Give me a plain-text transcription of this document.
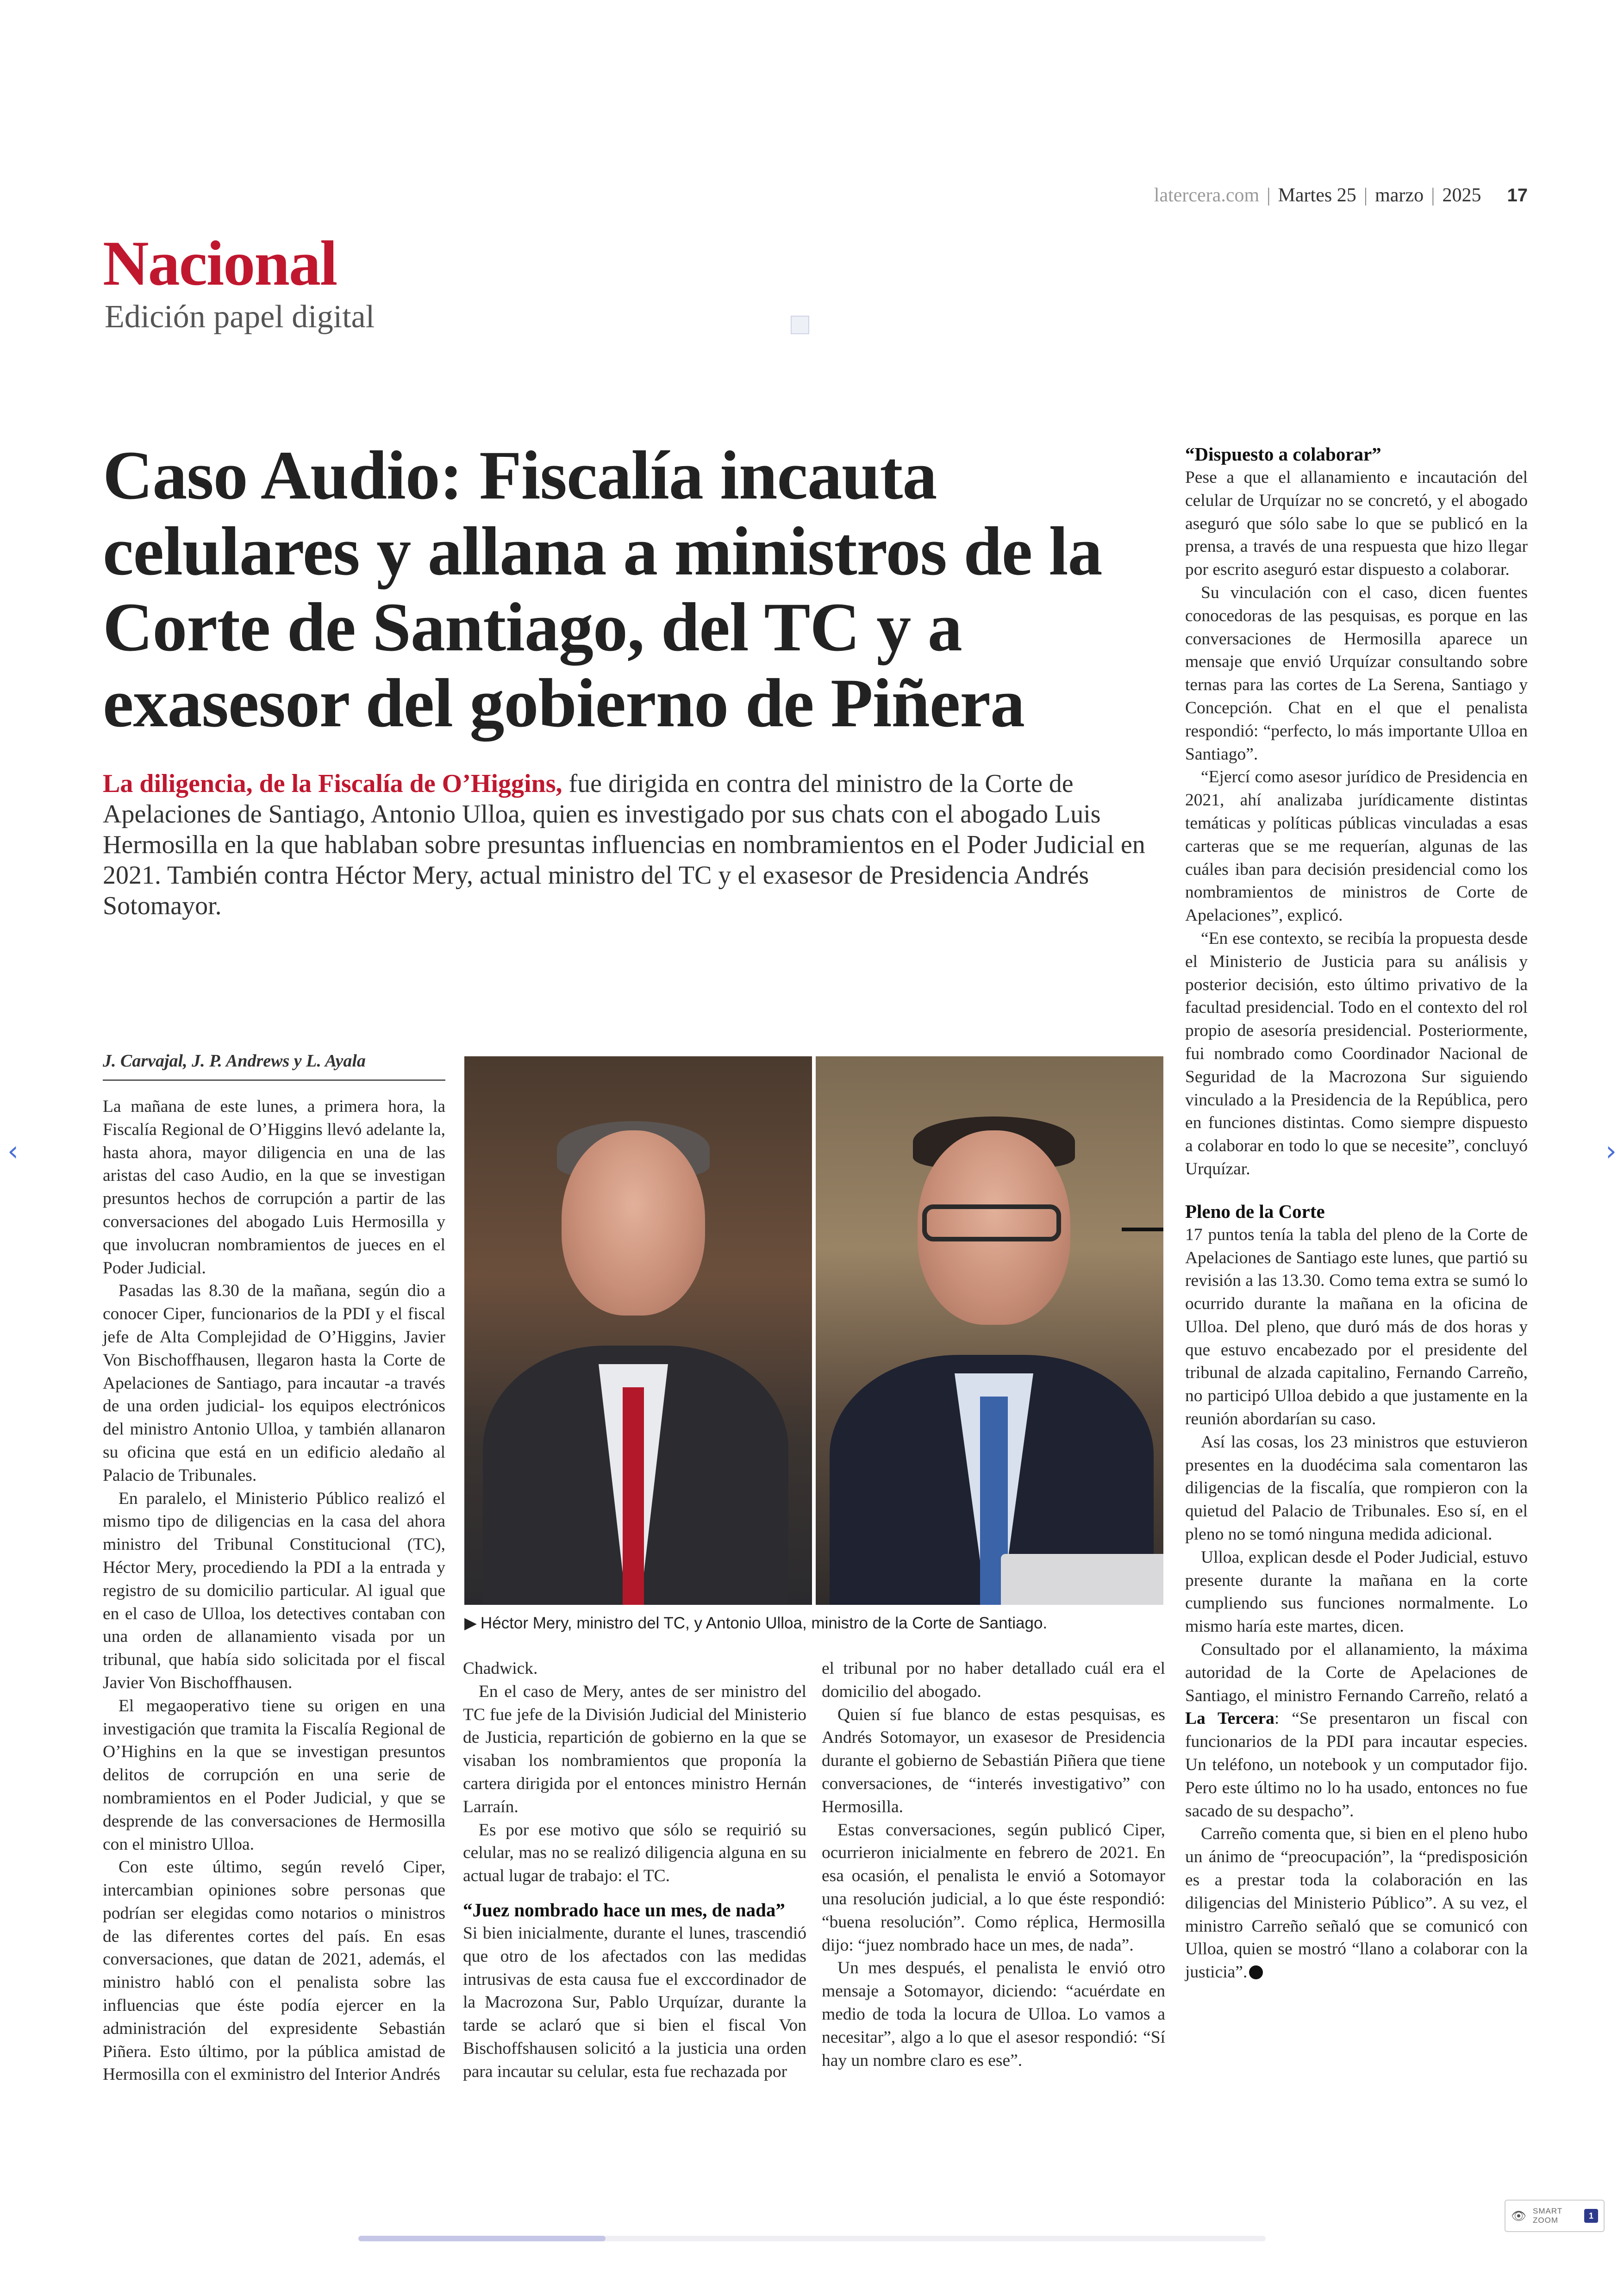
latercera.com | Martes 25 | marzo | 2025 17
Nacional
Edición papel digital
Caso Audio: Fiscalía incauta celulares y allana a ministros de la Corte de Santiago, del TC y a exasesor del gobierno de Piñera

La diligencia, de la Fiscalía de O’Higgins, fue dirigida en contra del ministro de la Corte de Apelaciones de Santiago, Antonio Ulloa, quien es investigado por sus chats con el abogado Luis Hermosilla en la que hablaban sobre presuntas influencias en nombramientos en el Poder Judicial en 2021. También contra Héctor Mery, actual ministro del TC y el exasesor de Presidencia Andrés Sotomayor.

J. Carvajal, J. P. Andrews y L. Ayala

La mañana de este lunes, a primera hora, la Fiscalía Regional de O’Higgins llevó adelante la, hasta ahora, mayor diligencia en una de las aristas del caso Audio, en la que se investigan presuntos hechos de corrupción a partir de las conversaciones del abogado Luis Hermosilla y que involucran nombramientos de jueces en el Poder Judicial.

Pasadas las 8.30 de la mañana, según dio a conocer Ciper, funcionarios de la PDI y el fiscal jefe de Alta Complejidad de O’Higgins, Javier Von Bischoffhausen, llegaron hasta la Corte de Apelaciones de Santiago, para incautar -a través de una orden judicial- los equipos electrónicos del ministro Antonio Ulloa, y también allanaron su oficina que está en un edificio aledaño al Palacio de Tribunales.

En paralelo, el Ministerio Público realizó el mismo tipo de diligencias en la casa del ahora ministro del Tribunal Constitucional (TC), Héctor Mery, procediendo la PDI a la entrada y registro de su domicilio particular. Al igual que en el caso de Ulloa, los detectives contaban con una orden de allanamiento visada por un tribunal, que había sido solicitada por el fiscal Javier Von Bischoffhausen.

El megaoperativo tiene su origen en una investigación que tramita la Fiscalía Regional de O’Highins en la que se investigan presuntos delitos de corrupción en una serie de nombramientos en el Poder Judicial, y que se desprende de las conversaciones de Hermosilla con el ministro Ulloa.

Con este último, según reveló Ciper, intercambian opiniones sobre personas que podrían ser elegidas como notarios o ministros de las diferentes cortes del país. En esas conversaciones, que datan de 2021, además, el ministro habló con el penalista sobre las influencias que éste podía ejercer en la administración del expresidente Sebastián Piñera. Esto último, por la pública amistad de Hermosilla con el exministro del Interior Andrés

▶ Héctor Mery, ministro del TC, y Antonio Ulloa, ministro de la Corte de Santiago.

Chadwick.

En el caso de Mery, antes de ser ministro del TC fue jefe de la División Judicial del Ministerio de Justicia, repartición de gobierno en la que se visaban los nombramientos que proponía la cartera dirigida por el entonces ministro Hernán Larraín.

Es por ese motivo que sólo se requirió su celular, mas no se realizó diligencia alguna en su actual lugar de trabajo: el TC.

“Juez nombrado hace un mes, de nada”

Si bien inicialmente, durante el lunes, trascendió que otro de los afectados con las medidas intrusivas de esta causa fue el exccordinador de la Macrozona Sur, Pablo Urquízar, durante la tarde se aclaró que si bien el fiscal Von Bischoffshausen solicitó a la justicia una orden para incautar su celular, esta fue rechazada por

el tribunal por no haber detallado cuál era el domicilio del abogado.

Quien sí fue blanco de estas pesquisas, es Andrés Sotomayor, un exasesor de Presidencia durante el gobierno de Sebastián Piñera que tiene conversaciones, de “interés investigativo” con Hermosilla.

Estas conversaciones, según publicó Ciper, ocurrieron inicialmente en febrero de 2021. En esa ocasión, el penalista le envió a Sotomayor una resolución judicial, a lo que éste respondió: “buena resolución”. Como réplica, Hermosilla dijo: “juez nombrado hace un mes, de nada”.

Un mes después, el penalista le envió otro mensaje a Sotomayor, diciendo: “acuérdate en medio de toda la locura de Ulloa. Lo vamos a necesitar”, algo a lo que el asesor respondió: “Sí hay un nombre claro es ese”.

“Dispuesto a colaborar”

Pese a que el allanamiento e incautación del celular de Urquízar no se concretó, y el abogado aseguró que sólo sabe lo que se publicó en la prensa, a través de una respuesta que hizo llegar por escrito aseguró estar dispuesto a colaborar.

Su vinculación con el caso, dicen fuentes conocedoras de las pesquisas, es porque en las conversaciones de Hermosilla aparece un mensaje que envió Urquízar consultando sobre ternas para las cortes de La Serena, Santiago y Concepción. Chat en el que el penalista respondió: “perfecto, lo más importante Ulloa en Santiago”.

“Ejercí como asesor jurídico de Presidencia en 2021, ahí analizaba jurídicamente distintas temáticas y políticas públicas vinculadas a esas carteras que se me requerían, algunas de las cuáles iban para decisión presidencial como los nombramientos de ministros de Corte de Apelaciones”, explicó.

“En ese contexto, se recibía la propuesta desde el Ministerio de Justicia para su análisis y posterior decisión, esto último privativo de la facultad presidencial. Todo en el contexto del rol propio de asesoría presidencial. Posteriormente, fui nombrado como Coordinador Nacional de Seguridad de la Macrozona Sur siguiendo vinculado a la Presidencia de la República, pero en funciones distintas. Como siempre dispuesto a colaborar en todo lo que se necesite”, concluyó Urquízar.

Pleno de la Corte

17 puntos tenía la tabla del pleno de la Corte de Apelaciones de Santiago este lunes, que partió su revisión a las 13.30. Como tema extra se sumó lo ocurrido durante la mañana en la oficina de Ulloa. Del pleno, que duró más de dos horas y que estuvo encabezado por el presidente del tribunal de alzada capitalino, Fernando Carreño, no participó Ulloa debido a que justamente en la reunión abordarían su caso.

Así las cosas, los 23 ministros que estuvieron presentes en la duodécima sala comentaron las diligencias de la fiscalía, que rompieron con la quietud del Palacio de Tribunales. Eso sí, en el pleno no se tomó ninguna medida adicional.

Ulloa, explican desde el Poder Judicial, estuvo presente durante la mañana en la corte cumpliendo sus funciones normalmente. Lo mismo haría este martes, dicen.

Consultado por el allanamiento, la máxima autoridad de la Corte de Apelaciones de Santiago, el ministro Fernando Carreño, relató a La Tercera: “Se presentaron un fiscal con funcionarios de la PDI para incautar especies. Un teléfono, un notebook y un computador fijo. Pero este último no lo ha usado, entonces no fue sacado de su despacho”.

Carreño comenta que, si bien en el pleno hubo un ánimo de “preocupación”, la “predisposición es a prestar toda la colaboración en las diligencias del Ministerio Público”. A su vez, el ministro Carreño señaló que se comunicó con Ulloa, quien se mostró “llano a colaborar con la justicia”.

‹	›
👁 SMART
ZOOM	1
